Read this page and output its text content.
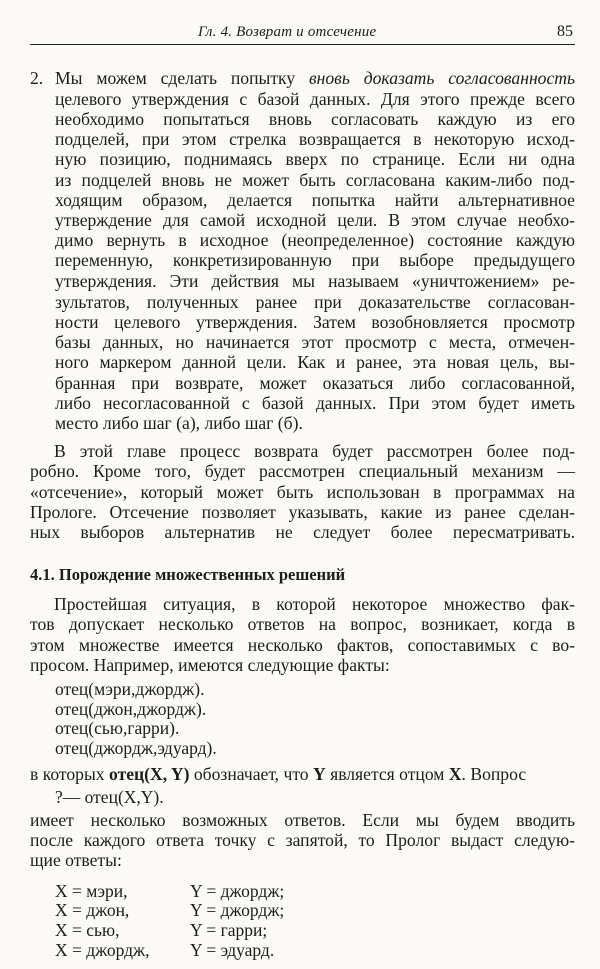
Гл. 4. Возврат и отсечение	85
2. Мы можем сделать попытку вновь доказать согласованность
целевого утверждения с базой данных. Для этого прежде всего
необходимо попытаться вновь согласовать каждую из его
подцелей, при этом стрелка возвращается в некоторую исход-
ную позицию, поднимаясь вверх по странице. Если ни одна
из подцелей вновь не может быть согласована каким-либо под-
ходящим образом, делается попытка найти альтернативное
утверждение для самой исходной цели. В этом случае необхо-
димо вернуть в исходное (неопределенное) состояние каждую
переменную, конкретизированную при выборе предыдущего
утверждения. Эти действия мы называем «уничтожением» ре-
зультатов, полученных ранее при доказательстве согласован-
ности целевого утверждения. Затем возобновляется просмотр
базы данных, но начинается этот просмотр с места, отмечен-
ного маркером данной цели. Как и ранее, эта новая цель, вы-
бранная при возврате, может оказаться либо согласованной,
либо несогласованной с базой данных. При этом будет иметь
место либо шаг (а), либо шаг (б).
В этой главе процесс возврата будет рассмотрен более под-
робно. Кроме того, будет рассмотрен специальный механизм —
«отсечение», который может быть использован в программах на
Прологе. Отсечение позволяет указывать, какие из ранее сделан-
ных выборов альтернатив не следует более пересматривать.
4.1. Порождение множественных решений
Простейшая ситуация, в которой некоторое множество фак-
тов допускает несколько ответов на вопрос, возникает, когда в
этом множестве имеется несколько фактов, сопоставимых с во-
просом. Например, имеются следующие факты:
отец(мэри,джордж).
отец(джон,джордж).
отец(сью,гарри).
отец(джордж,эдуард).
в которых отец(X, Y) обозначает, что Y является отцом X. Вопрос
?— отец(X,Y).
имеет несколько возможных ответов. Если мы будем вводить
после каждого ответа точку с запятой, то Пролог выдаст следую-
щие ответы:
X = мэри,	Y = джордж;
X = джон,	Y = джордж;
X = сью,	Y = гарри;
X = джордж, Y = эдуард.
